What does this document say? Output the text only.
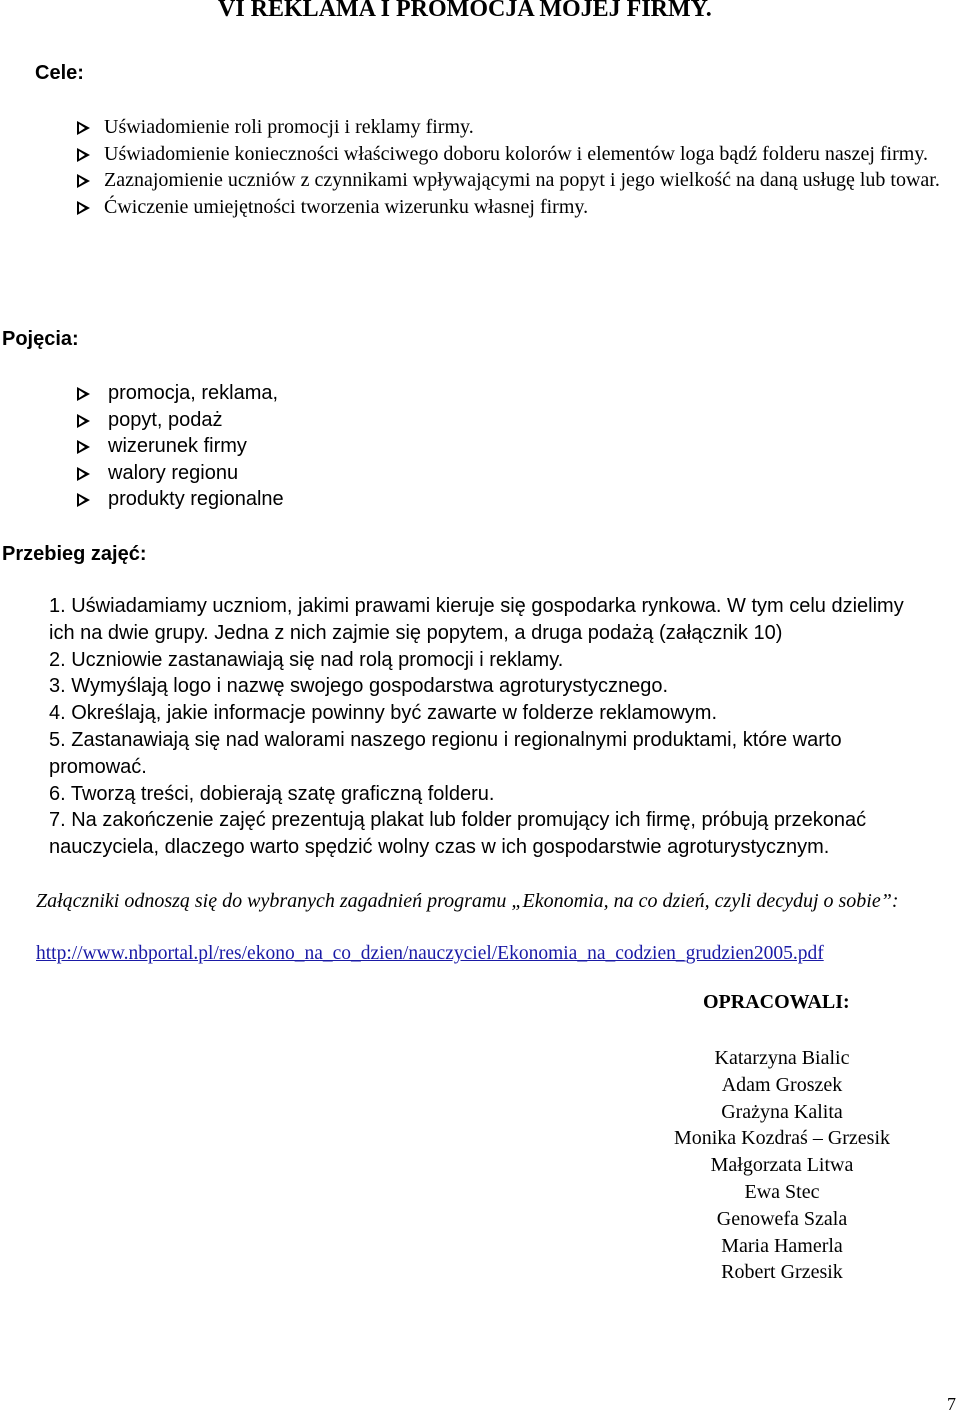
VI REKLAMA I PROMOCJA MOJEJ FIRMY.
Cele:
Uświadomienie roli promocji i reklamy firmy.
Uświadomienie konieczności właściwego doboru kolorów i elementów loga bądź folderu naszej firmy.
Zaznajomienie uczniów z czynnikami wpływającymi na popyt i jego wielkość na daną usługę lub towar.
Ćwiczenie umiejętności tworzenia wizerunku własnej firmy.
Pojęcia:
promocja, reklama,
popyt, podaż
wizerunek firmy
walory regionu
produkty regionalne
Przebieg zajęć:
1. Uświadamiamy uczniom, jakimi prawami kieruje się gospodarka rynkowa. W tym celu dzielimy ich na dwie grupy. Jedna z nich zajmie się popytem, a druga podażą (załącznik 10)
2. Uczniowie zastanawiają się nad rolą promocji i reklamy.
3. Wymyślają logo i nazwę swojego gospodarstwa agroturystycznego.
4. Określają, jakie informacje powinny być zawarte w folderze reklamowym.
5. Zastanawiają się nad walorami naszego regionu i regionalnymi produktami, które warto promować.
6. Tworzą treści, dobierają szatę graficzną folderu.
7. Na zakończenie zajęć prezentują plakat lub folder promujący ich firmę, próbują przekonać nauczyciela, dlaczego warto spędzić wolny czas w ich gospodarstwie agroturystycznym.
Załączniki odnoszą się do wybranych zagadnień programu „Ekonomia, na co dzień, czyli decyduj o sobie”:
http://www.nbportal.pl/res/ekono_na_co_dzien/nauczyciel/Ekonomia_na_codzien_grudzien2005.pdf
OPRACOWALI:
Katarzyna Bialic
Adam Groszek
Grażyna Kalita
Monika Kozdraś – Grzesik
Małgorzata Litwa
Ewa Stec
Genowefa Szala
Maria Hamerla
Robert Grzesik
7
